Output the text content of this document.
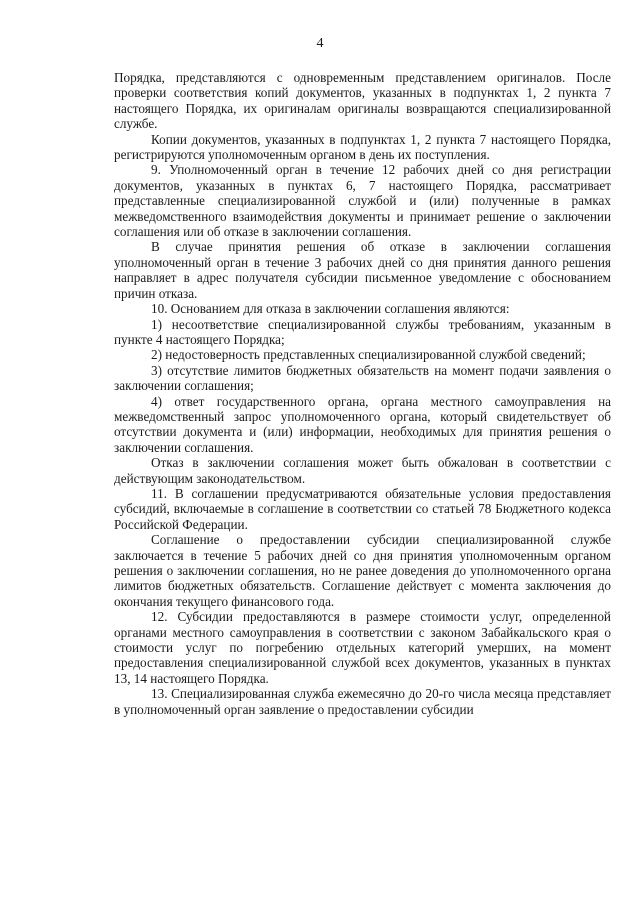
4

Порядка, представляются с одновременным представлением оригиналов. После проверки соответствия копий документов, указанных в подпунктах 1, 2 пункта 7 настоящего Порядка, их оригиналам оригиналы возвращаются специализированной службе.

Копии документов, указанных в подпунктах 1, 2 пункта 7 настоящего Порядка, регистрируются уполномоченным органом в день их поступления.

9. Уполномоченный орган в течение 12 рабочих дней со дня регистрации документов, указанных в пунктах 6, 7 настоящего Порядка, рассматривает представленные специализированной службой и (или) полученные в рамках межведомственного взаимодействия документы и принимает решение о заключении соглашения или об отказе в заключении соглашения.

В случае принятия решения об отказе в заключении соглашения уполномоченный орган в течение 3 рабочих дней со дня принятия данного решения направляет в адрес получателя субсидии письменное уведомление с обоснованием причин отказа.

10. Основанием для отказа в заключении соглашения являются:

1) несоответствие специализированной службы требованиям, указанным в пункте 4 настоящего Порядка;

2) недостоверность представленных специализированной службой сведений;

3) отсутствие лимитов бюджетных обязательств на момент подачи заявления о заключении соглашения;

4) ответ государственного органа, органа местного самоуправления на межведомственный запрос уполномоченного органа, который свидетельствует об отсутствии документа и (или) информации, необходимых для принятия решения о заключении соглашения.

Отказ в заключении соглашения может быть обжалован в соответствии с действующим законодательством.

11. В соглашении предусматриваются обязательные условия предоставления субсидий, включаемые в соглашение в соответствии со статьей 78 Бюджетного кодекса Российской Федерации.

Соглашение о предоставлении субсидии специализированной службе заключается в течение 5 рабочих дней со дня принятия уполномоченным органом решения о заключении соглашения, но не ранее доведения до уполномоченного органа лимитов бюджетных обязательств. Соглашение действует с момента заключения до окончания текущего финансового года.

12. Субсидии предоставляются в размере стоимости услуг, определенной органами местного самоуправления в соответствии с законом Забайкальского края о стоимости услуг по погребению отдельных категорий умерших, на момент предоставления специализированной службой всех документов, указанных в пунктах 13, 14 настоящего Порядка.

13. Специализированная служба ежемесячно до 20-го числа месяца представляет в уполномоченный орган заявление о предоставлении субсидии
